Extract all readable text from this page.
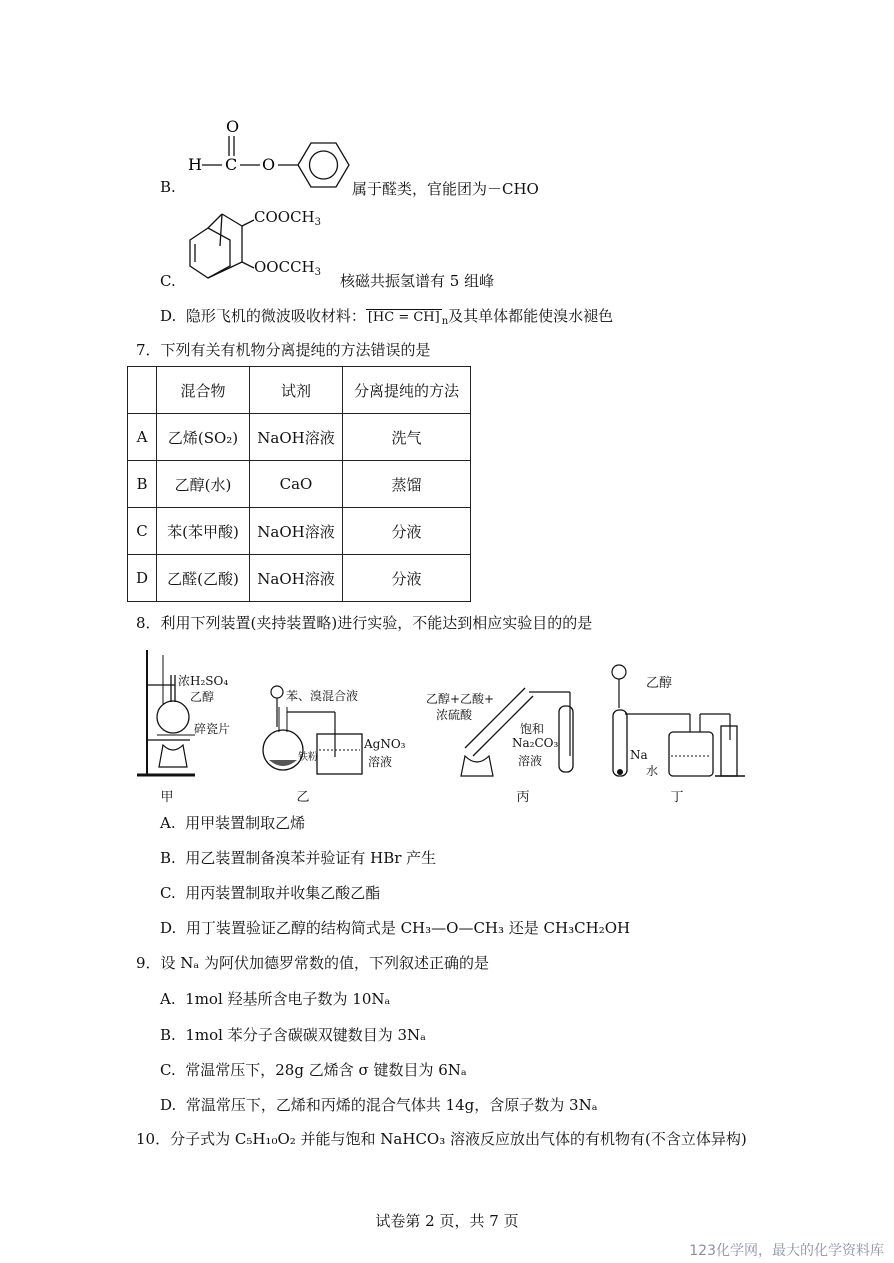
O
H C O
B.	属于醛类，官能团为－CHO
$COOCH_3$
$OOCCH_3$
C.	核磁共振氢谱有 5 组峰
D. 隐形飞机的微波吸收材料： [HC = CH] $_n$及其单体都能使溴水褪色
7．下列有关有机物分离提纯的方法错误的是
	混合物	试剂	分离提纯的方法
A	乙烯(SO₂)	NaOH溶液	洗气
B	乙醇(水)	CaO	蒸馏
C	苯(苯甲酸)	NaOH溶液	分液
D	乙醛(乙酸)	NaOH溶液	分液
8．利用下列装置(夹持装置略)进行实验，不能达到相应实验目的的是
浓H₂SO₄
乙醇
碎瓷片
甲
苯、溴混合液
铁粉
AgNO₃
溶液
乙
乙醇+乙酸+
浓硫酸
饱和
Na₂CO₃
溶液
丙
乙醇
Na
水
丁
A. 用甲装置制取乙烯
B. 用乙装置制备溴苯并验证有 HBr 产生
C. 用丙装置制取并收集乙酸乙酯
D. 用丁装置验证乙醇的结构简式是 CH₃—O—CH₃ 还是 CH₃CH₂OH
9．设 Nₐ 为阿伏加德罗常数的值，下列叙述正确的是
A. 1mol 羟基所含电子数为 10Nₐ
B. 1mol 苯分子含碳碳双键数目为 3Nₐ
C. 常温常压下，28g 乙烯含 σ 键数目为 6Nₐ
D. 常温常压下，乙烯和丙烯的混合气体共 14g，含原子数为 3Nₐ
10．分子式为 C₅H₁₀O₂ 并能与饱和 NaHCO₃ 溶液反应放出气体的有机物有(不含立体异构)
试卷第 2 页，共 7 页
123化学网，最大的化学资料库
